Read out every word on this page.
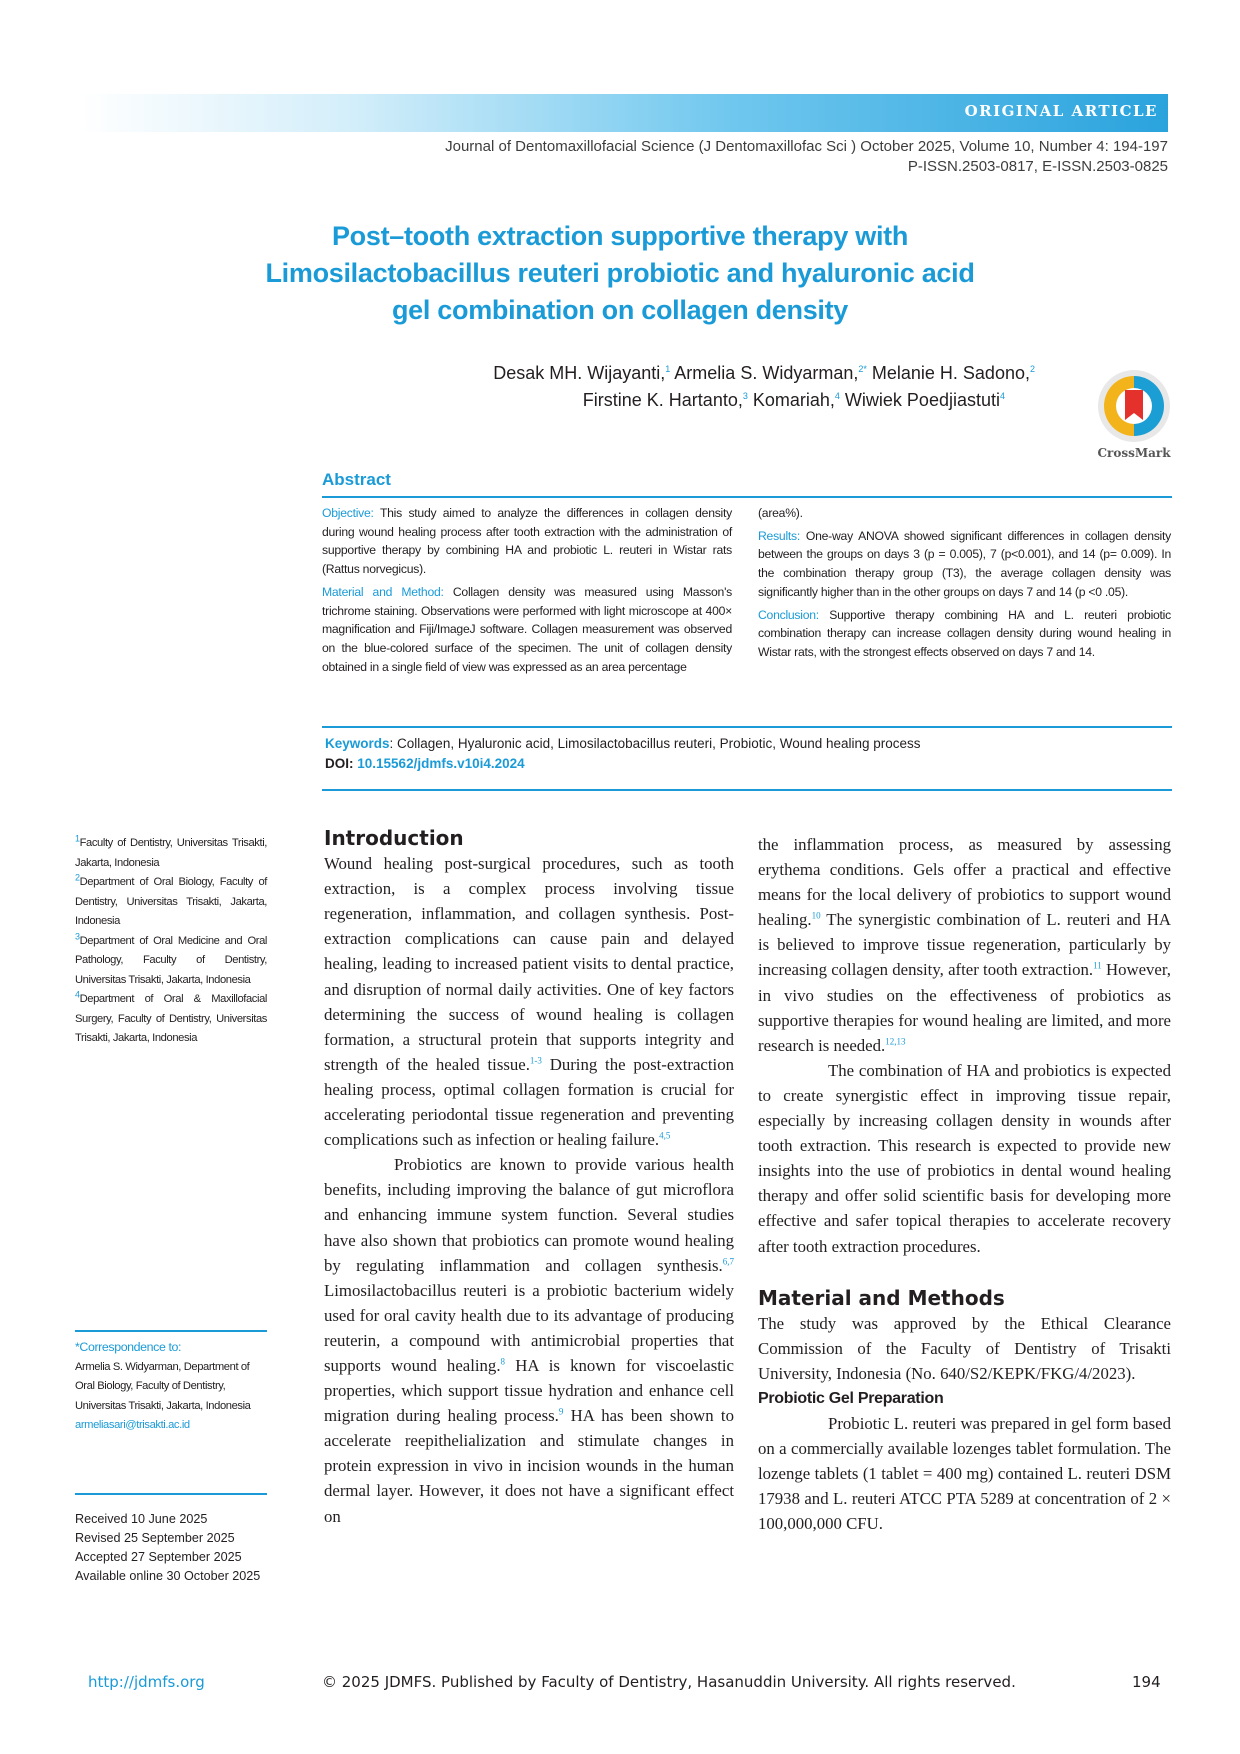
ORIGINAL ARTICLE
Journal of Dentomaxillofacial Science (J Dentomaxillofac Sci ) October 2025, Volume 10, Number 4: 194-197
P-ISSN.2503-0817, E-ISSN.2503-0825
Post–tooth extraction supportive therapy with Limosilactobacillus reuteri probiotic and hyaluronic acid gel combination on collagen density
Desak MH. Wijayanti,$^1$ Armelia S. Widyarman,$^{2*}$ Melanie H. Sadono,$^2$
Firstine K. Hartanto,$^3$ Komariah,$^4$ Wiwiek Poedjiastuti$^4$
CrossMark
Abstract
Objective: This study aimed to analyze the differences in collagen density during wound healing process after tooth extraction with the administration of supportive therapy by combining HA and probiotic L. reuteri in Wistar rats (Rattus norvegicus).
Material and Method: Collagen density was measured using Masson's trichrome staining. Observations were performed with light microscope at 400× magnification and Fiji/ImageJ software. Collagen measurement was observed on the blue-colored surface of the specimen. The unit of collagen density obtained in a single field of view was expressed as an area percentage
(area%).
Results: One-way ANOVA showed significant differences in collagen density between the groups on days 3 (p = 0.005), 7 (p<0.001), and 14 (p= 0.009). In the combination therapy group (T3), the average collagen density was significantly higher than in the other groups on days 7 and 14 (p <0 .05).
Conclusion: Supportive therapy combining HA and L. reuteri probiotic combination therapy can increase collagen density during wound healing in Wistar rats, with the strongest effects observed on days 7 and 14.
Keywords: Collagen, Hyaluronic acid, Limosilactobacillus reuteri, Probiotic, Wound healing process
DOI: 10.15562/jdmfs.v10i4.2024
$^1$Faculty of Dentistry, Universitas Trisakti, Jakarta, Indonesia
$^2$Department of Oral Biology, Faculty of Dentistry, Universitas Trisakti, Jakarta, Indonesia
$^3$Department of Oral Medicine and Oral Pathology, Faculty of Dentistry, Universitas Trisakti, Jakarta, Indonesia
$^4$Department of Oral & Maxillofacial Surgery, Faculty of Dentistry, Universitas Trisakti, Jakarta, Indonesia
*Correspondence to:
Armelia S. Widyarman, Department of Oral Biology, Faculty of Dentistry, Universitas Trisakti, Jakarta, Indonesia
armeliasari@trisakti.ac.id
Received 10 June 2025
Revised 25 September 2025
Accepted 27 September 2025
Available online 30 October 2025
Introduction

Wound healing post-surgical procedures, such as tooth extraction, is a complex process involving tissue regeneration, inflammation, and collagen synthesis. Post-extraction complications can cause pain and delayed healing, leading to increased patient visits to dental practice, and disruption of normal daily activities. One of key factors determining the success of wound healing is collagen formation, a structural protein that supports integrity and strength of the healed tissue.$^{1-3}$ During the post-extraction healing process, optimal collagen formation is crucial for accelerating periodontal tissue regeneration and preventing complications such as infection or healing failure.$^{4,5}$

Probiotics are known to provide various health benefits, including improving the balance of gut microflora and enhancing immune system function. Several studies have also shown that probiotics can promote wound healing by regulating inflammation and collagen synthesis.$^{6,7}$ Limosilactobacillus reuteri is a probiotic bacterium widely used for oral cavity health due to its advantage of producing reuterin, a compound with antimicrobial properties that supports wound healing.$^8$ HA is known for viscoelastic properties, which support tissue hydration and enhance cell migration during healing process.$^9$ HA has been shown to accelerate reepithelialization and stimulate changes in protein expression in vivo in incision wounds in the human dermal layer. However, it does not have a significant effect on

the inflammation process, as measured by assessing erythema conditions. Gels offer a practical and effective means for the local delivery of probiotics to support wound healing.$^{10}$ The synergistic combination of L. reuteri and HA is believed to improve tissue regeneration, particularly by increasing collagen density, after tooth extraction.$^{11}$ However, in vivo studies on the effectiveness of probiotics as supportive therapies for wound healing are limited, and more research is needed.$^{12,13}$

The combination of HA and probiotics is expected to create synergistic effect in improving tissue repair, especially by increasing collagen density in wounds after tooth extraction. This research is expected to provide new insights into the use of probiotics in dental wound healing therapy and offer solid scientific basis for developing more effective and safer topical therapies to accelerate recovery after tooth extraction procedures.

Material and Methods

The study was approved by the Ethical Clearance Commission of the Faculty of Dentistry of Trisakti University, Indonesia (No. 640/S2/KEPK/FKG/4/2023).

Probiotic Gel Preparation

Probiotic L. reuteri was prepared in gel form based on a commercially available lozenges tablet formulation. The lozenge tablets (1 tablet = 400 mg) contained L. reuteri DSM 17938 and L. reuteri ATCC PTA 5289 at concentration of 2 × 100,000,000 CFU.

http://jdmfs.org	© 2025 JDMFS. Published by Faculty of Dentistry, Hasanuddin University. All rights reserved.	194
